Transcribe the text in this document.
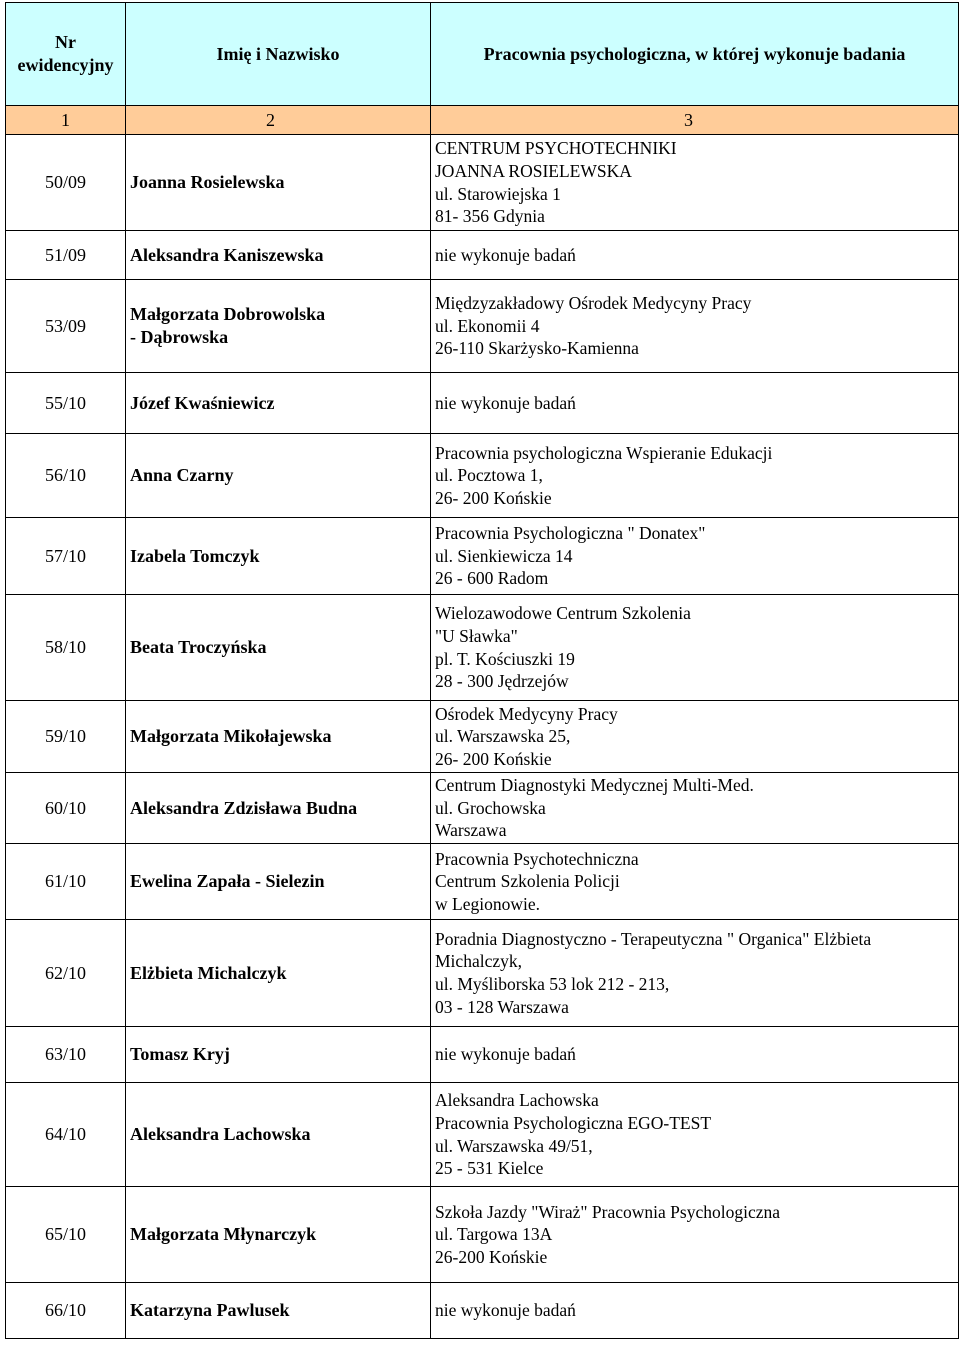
Nr ewidencyjny	Imię i Nazwisko	Pracownia psychologiczna, w której wykonuje badania
1	2	3
50/09	Joanna Rosielewska	CENTRUM PSYCHOTECHNIKI
JOANNA ROSIELEWSKA
ul. Starowiejska 1
81- 356 Gdynia

51/09	Aleksandra Kaniszewska	nie wykonuje badań

53/09	Małgorzata Dobrowolska
- Dąbrowska	Międzyzakładowy Ośrodek Medycyny Pracy
ul. Ekonomii 4
26-110 Skarżysko-Kamienna

55/10	Józef Kwaśniewicz	nie wykonuje badań

56/10	Anna Czarny	Pracownia psychologiczna Wspieranie Edukacji
ul. Pocztowa 1,
26- 200 Końskie

57/10	Izabela Tomczyk	Pracownia Psychologiczna " Donatex"
ul. Sienkiewicza 14
26 - 600 Radom

58/10	Beata Troczyńska	Wielozawodowe Centrum Szkolenia
"U Sławka"
pl. T. Kościuszki 19
28 - 300 Jędrzejów

59/10	Małgorzata Mikołajewska	Ośrodek Medycyny Pracy
ul. Warszawska 25,
26- 200 Końskie

60/10	Aleksandra Zdzisława Budna	Centrum Diagnostyki Medycznej Multi-Med.
ul. Grochowska
Warszawa

61/10	Ewelina Zapała - Sielezin	Pracownia Psychotechniczna
Centrum Szkolenia Policji
w Legionowie.

62/10	Elżbieta Michalczyk	Poradnia Diagnostyczno - Terapeutyczna " Organica" Elżbieta
Michalczyk,
ul. Myśliborska 53 lok 212 - 213,
03 - 128 Warszawa

63/10	Tomasz Kryj	nie wykonuje badań

64/10	Aleksandra Lachowska	Aleksandra Lachowska
Pracownia Psychologiczna EGO-TEST
ul. Warszawska 49/51,
25 - 531 Kielce

65/10	Małgorzata Młynarczyk	Szkoła Jazdy "Wiraż" Pracownia Psychologiczna
ul. Targowa 13A
26-200 Końskie

66/10	Katarzyna Pawlusek	nie wykonuje badań
